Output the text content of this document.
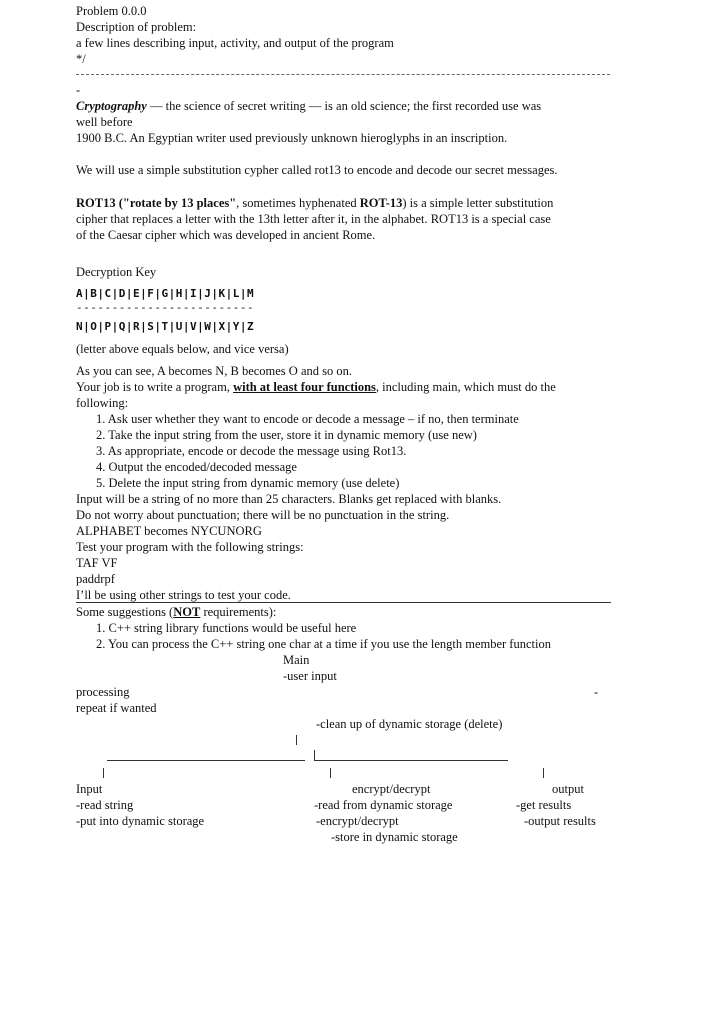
Problem 0.0.0
Description of problem:
a few lines describing input, activity, and output of the program
*/
-
Cryptography — the science of secret writing — is an old science; the first recorded use was
well before
1900 B.C. An Egyptian writer used previously unknown hieroglyphs in an inscription.
We will use a simple substitution cypher called rot13 to encode and decode our secret messages.
ROT13 ("rotate by 13 places", sometimes hyphenated ROT-13) is a simple letter substitution
cipher that replaces a letter with the 13th letter after it, in the alphabet. ROT13 is a special case
of the Caesar cipher which was developed in ancient Rome.
Decryption Key
A|B|C|D|E|F|G|H|I|J|K|L|M
-------------------------
N|O|P|Q|R|S|T|U|V|W|X|Y|Z
(letter above equals below, and vice versa)
As you can see, A becomes N, B becomes O and so on.
Your job is to write a program, with at least four functions, including main, which must do the
following:
1. Ask user whether they want to encode or decode a message – if no, then terminate
2. Take the input string from the user, store it in dynamic memory (use new)
3. As appropriate, encode or decode the message using Rot13.
4. Output the encoded/decoded message
5. Delete the input string from dynamic memory (use delete)
Input will be a string of no more than 25 characters. Blanks get replaced with blanks.
Do not worry about punctuation; there will be no punctuation in the string.
ALPHABET becomes NYCUNORG
Test your program with the following strings:
TAF VF
paddrpf
I’ll be using other strings to test your code.
Some suggestions (NOT requirements):
1. C++ string library functions would be useful here
2. You can process the C++ string one char at a time if you use the length member function
Main
-user input
processing	-
repeat if wanted
-clean up of dynamic storage (delete)
Input
-read string
-put into dynamic storage
encrypt/decrypt
-read from dynamic storage
-encrypt/decrypt
-store in dynamic storage
output
-get results
-output results
